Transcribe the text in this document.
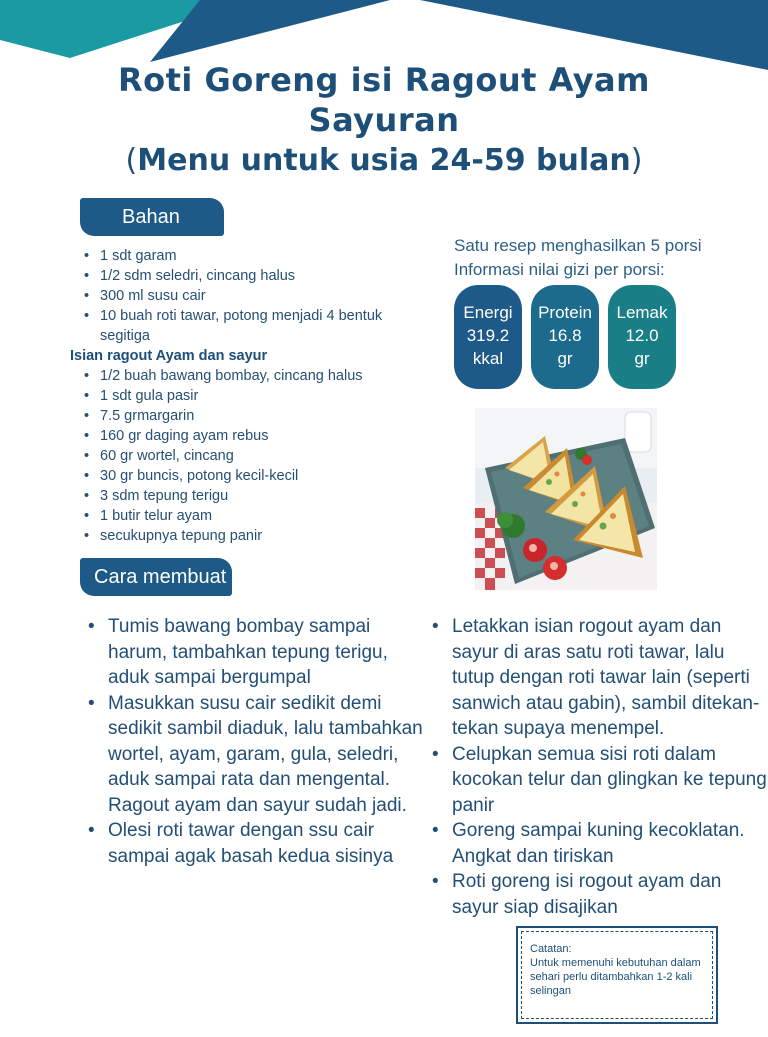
Roti Goreng isi Ragout Ayam
Sayuran
(Menu untuk usia 24-59 bulan)
Bahan
• 1 sdt garam
• 1/2 sdm seledri, cincang halus
• 300 ml susu cair
• 10 buah roti tawar, potong menjadi 4 bentuk segitiga
Isian ragout Ayam dan sayur
• 1/2 buah bawang bombay, cincang halus
• 1 sdt gula pasir
• 7.5 grmargarin
• 160 gr daging ayam rebus
• 60 gr wortel, cincang
• 30 gr buncis, potong kecil-kecil
• 3 sdm tepung terigu
• 1 butir telur ayam
• secukupnya tepung panir
Satu resep menghasilkan 5 porsi
Informasi nilai gizi per porsi:
Energi
319.2
kkal
Protein
16.8
gr
Lemak
12.0
gr
Cara membuat
• Tumis bawang bombay sampai harum, tambahkan tepung terigu, aduk sampai bergumpal
• Masukkan susu cair sedikit demi sedikit sambil diaduk, lalu tambahkan wortel, ayam, garam, gula, seledri, aduk sampai rata dan mengental. Ragout ayam dan sayur sudah jadi.
• Olesi roti tawar dengan ssu cair sampai agak basah kedua sisinya
• Letakkan isian rogout ayam dan sayur di aras satu roti tawar, lalu tutup dengan roti tawar lain (seperti sanwich atau gabin), sambil ditekan-tekan supaya menempel.
• Celupkan semua sisi roti dalam kocokan telur dan glingkan ke tepung panir
• Goreng sampai kuning kecoklatan. Angkat dan tiriskan
• Roti goreng isi rogout ayam dan sayur siap disajikan
Catatan:
Untuk memenuhi kebutuhan dalam sehari perlu ditambahkan 1-2 kali selingan
